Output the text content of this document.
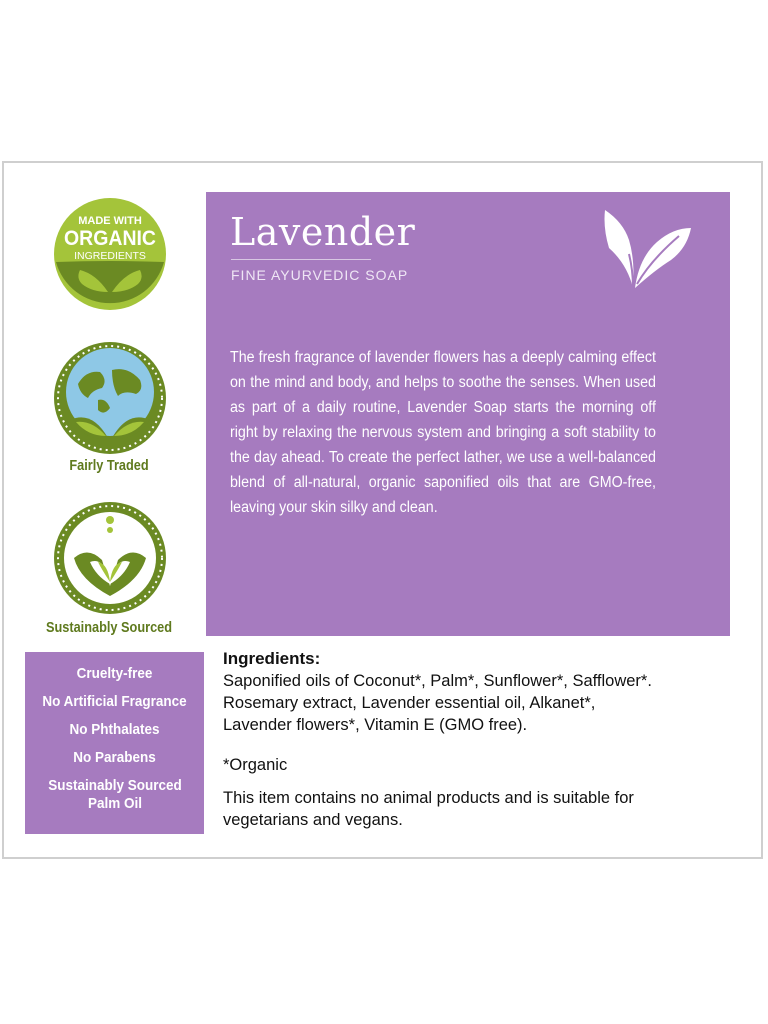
MADE WITH
ORGANIC
INGREDIENTS
Fairly Traded
Sustainably Sourced
Lavender
FINE AYURVEDIC SOAP
The fresh fragrance of lavender flowers has a deeply calming effect on the mind and body, and helps to soothe the senses. When used as part of a daily routine, Lavender Soap starts the morning off right by relaxing the nervous system and bringing a soft stability to the day ahead. To create the perfect lather, we use a well-balanced blend of all-natural, organic saponified oils that are GMO-free, leaving your skin silky and clean.
Cruelty-free
No Artificial Fragrance
No Phthalates
No Parabens
Sustainably Sourced Palm Oil
Ingredients:
Saponified oils of Coconut*, Palm*, Sunflower*, Safflower*. Rosemary extract, Lavender essential oil, Alkanet*, Lavender flowers*, Vitamin E (GMO free).
*Organic
This item contains no animal products and is suitable for vegetarians and vegans.
